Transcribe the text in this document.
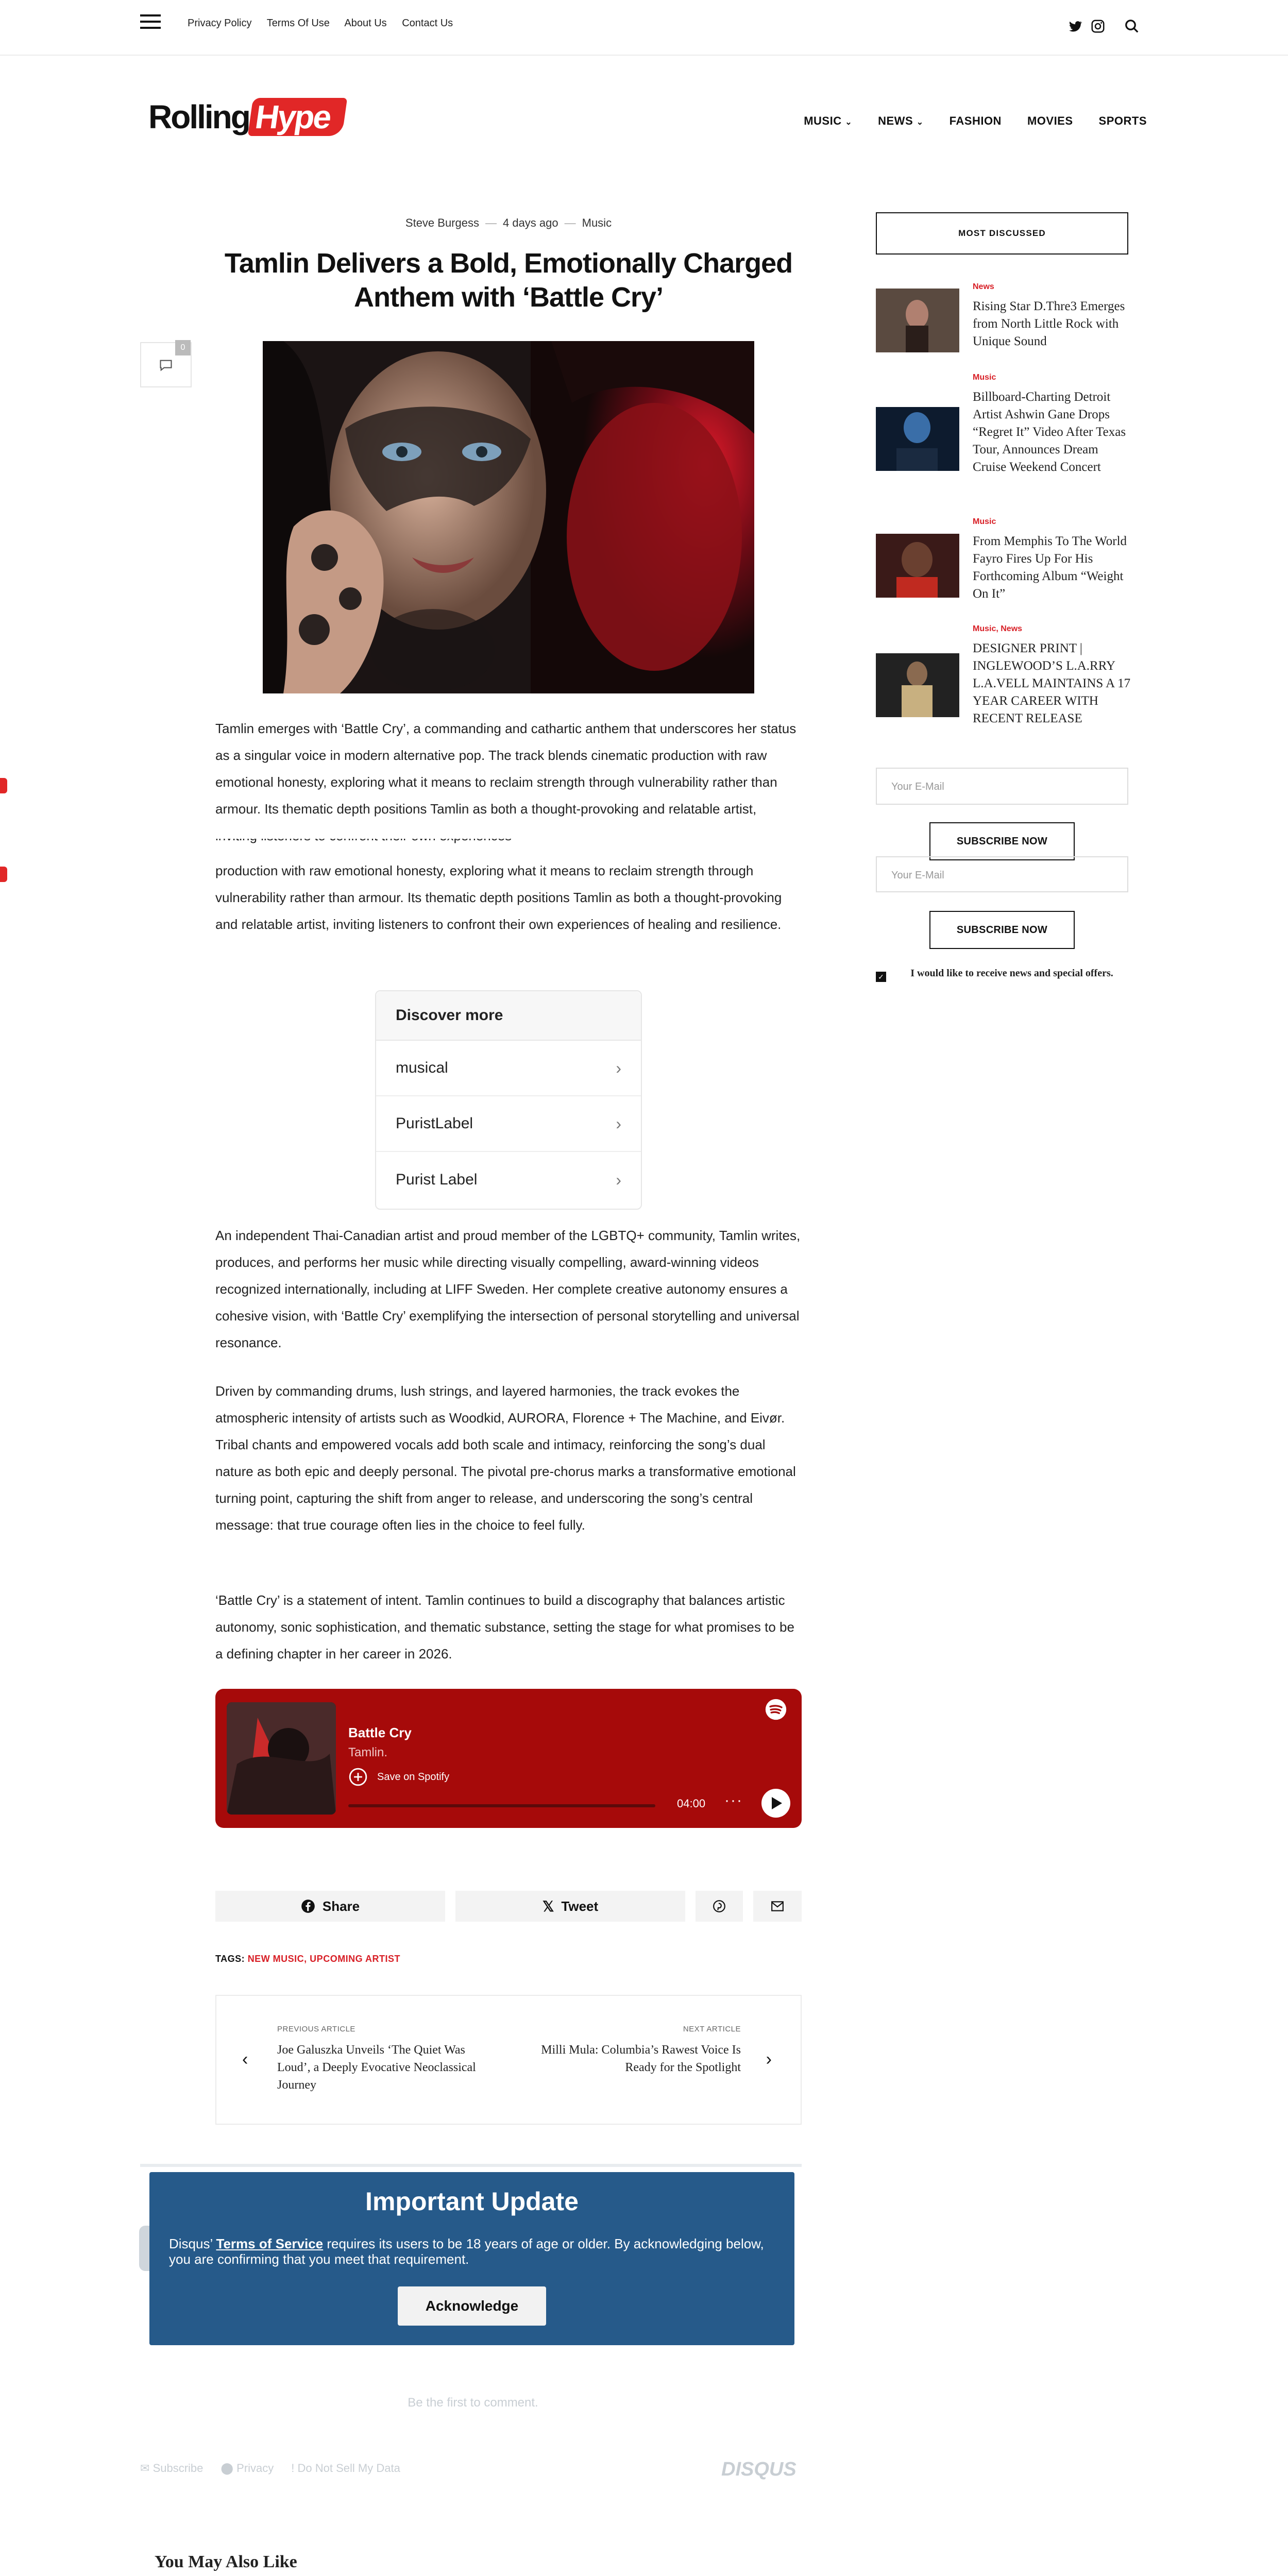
Privacy Policy Terms Of Use About Us Contact Us
Rolling Hype	MUSIC ⌄ NEWS ⌄ FASHION MOVIES SPORTS
Steve Burgess — 4 days ago — Music
Tamlin Delivers a Bold, Emotionally Charged Anthem with ‘Battle Cry’
0

Tamlin emerges with ‘Battle Cry’, a commanding and cathartic anthem that underscores her status as a singular voice in modern alternative pop. The track blends cinematic production with raw emotional honesty, exploring what it means to reclaim strength through vulnerability rather than armour. Its thematic depth positions Tamlin as both a thought-provoking and relatable artist,

production with raw emotional honesty, exploring what it means to reclaim strength through vulnerability rather than armour. Its thematic depth positions Tamlin as both a thought-provoking and relatable artist, inviting listeners to confront their own experiences of healing and resilience.

Discover more
musical	›
PuristLabel	›
Purist Label	›

An independent Thai-Canadian artist and proud member of the LGBTQ+ community, Tamlin writes, produces, and performs her music while directing visually compelling, award-winning videos recognized internationally, including at LIFF Sweden. Her complete creative autonomy ensures a cohesive vision, with ‘Battle Cry’ exemplifying the intersection of personal storytelling and universal resonance.

Driven by commanding drums, lush strings, and layered harmonies, the track evokes the atmospheric intensity of artists such as Woodkid, AURORA, Florence + The Machine, and Eivør. Tribal chants and empowered vocals add both scale and intimacy, reinforcing the song’s dual nature as both epic and deeply personal. The pivotal pre-chorus marks a transformative emotional turning point, capturing the shift from anger to release, and underscoring the song’s central message: that true courage often lies in the choice to feel fully.

‘Battle Cry’ is a statement of intent. Tamlin continues to build a discography that balances artistic autonomy, sonic sophistication, and thematic substance, setting the stage for what promises to be a defining chapter in her career in 2026.

Battle Cry
Tamlin.
Save on Spotify
04:00 ···
Share	𝕏 Tweet
TAGS: NEW MUSIC, UPCOMING ARTIST
‹
PREVIOUS ARTICLE
Joe Galuszka Unveils ‘The Quiet Was Loud’, a Deeply Evocative Neoclassical Journey
NEXT ARTICLE
Milli Mula: Columbia’s Rawest Voice Is Ready for the Spotlight ›
Be the first to comment.
✉ Subscribe ⬤ Privacy ! Do Not Sell My Data	DISQUS
Important Update
Disqus’ Terms of Service requires its users to be 18 years of age or older. By acknowledging below, you are confirming that you meet that requirement.
Acknowledge
You May Also Like
MOST DISCUSSED
News
Rising Star D.Thre3 Emerges from North Little Rock with Unique Sound
Music
Billboard-Charting Detroit Artist Ashwin Gane Drops “Regret It” Video After Texas Tour, Announces Dream Cruise Weekend Concert
Music
From Memphis To The World Fayro Fires Up For His Forthcoming Album “Weight On It”
Music, News
DESIGNER PRINT | INGLEWOOD’S L.A.RRY L.A.VELL MAINTAINS A 17 YEAR CAREER WITH RECENT RELEASE
Your E-Mail
SUBSCRIBE NOW
Your E-Mail
SUBSCRIBE NOW
✓	I would like to receive news and special offers.
